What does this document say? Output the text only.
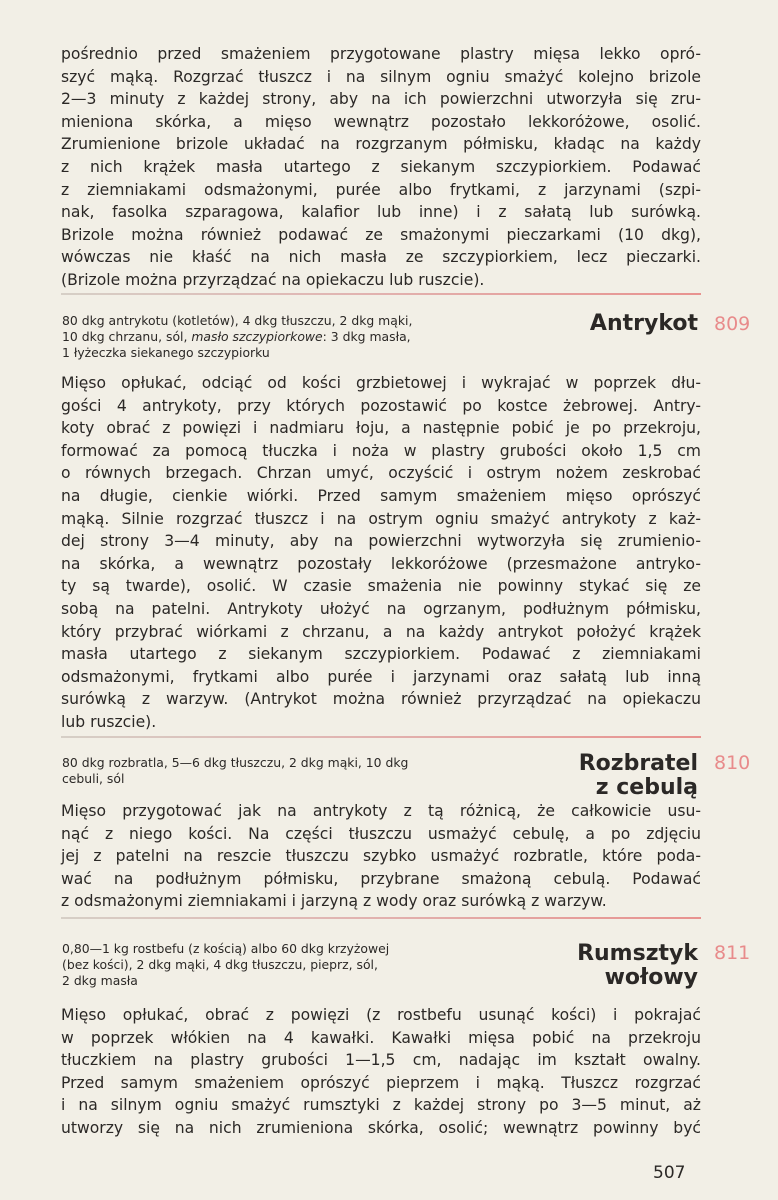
pośrednio przed smażeniem przygotowane plastry mięsa lekko opró-
szyć mąką. Rozgrzać tłuszcz i na silnym ogniu smażyć kolejno brizole
2—3 minuty z każdej strony, aby na ich powierzchni utworzyła się zru-
mieniona skórka, a mięso wewnątrz pozostało lekkoróżowe, osolić.
Zrumienione brizole układać na rozgrzanym półmisku, kładąc na każdy
z nich krążek masła utartego z siekanym szczypiorkiem. Podawać
z ziemniakami odsmażonymi, purée albo frytkami, z jarzynami (szpi-
nak, fasolka szparagowa, kalafior lub inne) i z sałatą lub surówką.
Brizole można również podawać ze smażonymi pieczarkami (10 dkg),
wówczas nie kłaść na nich masła ze szczypiorkiem, lecz pieczarki.
(Brizole można przyrządzać na opiekaczu lub ruszcie).
80 dkg antrykotu (kotletów), 4 dkg tłuszczu, 2 dkg mąki,
10 dkg chrzanu, sól, masło szczypiorkowe: 3 dkg masła,
1 łyżeczka siekanego szczypiorku
Antrykot 809
Mięso opłukać, odciąć od kości grzbietowej i wykrajać w poprzek dłu-
gości 4 antrykoty, przy których pozostawić po kostce żebrowej. Antry-
koty obrać z powięzi i nadmiaru łoju, a następnie pobić je po przekroju,
formować za pomocą tłuczka i noża w plastry grubości około 1,5 cm
o równych brzegach. Chrzan umyć, oczyścić i ostrym nożem zeskrobać
na długie, cienkie wiórki. Przed samym smażeniem mięso oprószyć
mąką. Silnie rozgrzać tłuszcz i na ostrym ogniu smażyć antrykoty z każ-
dej strony 3—4 minuty, aby na powierzchni wytworzyła się zrumienio-
na skórka, a wewnątrz pozostały lekkoróżowe (przesmażone antryko-
ty są twarde), osolić. W czasie smażenia nie powinny stykać się ze
sobą na patelni. Antrykoty ułożyć na ogrzanym, podłużnym półmisku,
który przybrać wiórkami z chrzanu, a na każdy antrykot położyć krążek
masła utartego z siekanym szczypiorkiem. Podawać z ziemniakami
odsmażonymi, frytkami albo purée i jarzynami oraz sałatą lub inną
surówką z warzyw. (Antrykot można również przyrządzać na opiekaczu
lub ruszcie).
80 dkg rozbratla, 5—6 dkg tłuszczu, 2 dkg mąki, 10 dkg
cebuli, sól
Rozbratel
z cebulą
810
Mięso przygotować jak na antrykoty z tą różnicą, że całkowicie usu-
nąć z niego kości. Na części tłuszczu usmażyć cebulę, a po zdjęciu
jej z patelni na reszcie tłuszczu szybko usmażyć rozbratle, które poda-
wać na podłużnym półmisku, przybrane smażoną cebulą. Podawać
z odsmażonymi ziemniakami i jarzyną z wody oraz surówką z warzyw.
0,80—1 kg rostbefu (z kością) albo 60 dkg krzyżowej
(bez kości), 2 dkg mąki, 4 dkg tłuszczu, pieprz, sól,
2 dkg masła
Rumsztyk
wołowy
811
Mięso opłukać, obrać z powięzi (z rostbefu usunąć kości) i pokrajać
w poprzek włókien na 4 kawałki. Kawałki mięsa pobić na przekroju
tłuczkiem na plastry grubości 1—1,5 cm, nadając im kształt owalny.
Przed samym smażeniem oprószyć pieprzem i mąką. Tłuszcz rozgrzać
i na silnym ogniu smażyć rumsztyki z każdej strony po 3—5 minut, aż
utworzy się na nich zrumieniona skórka, osolić; wewnątrz powinny być
507
